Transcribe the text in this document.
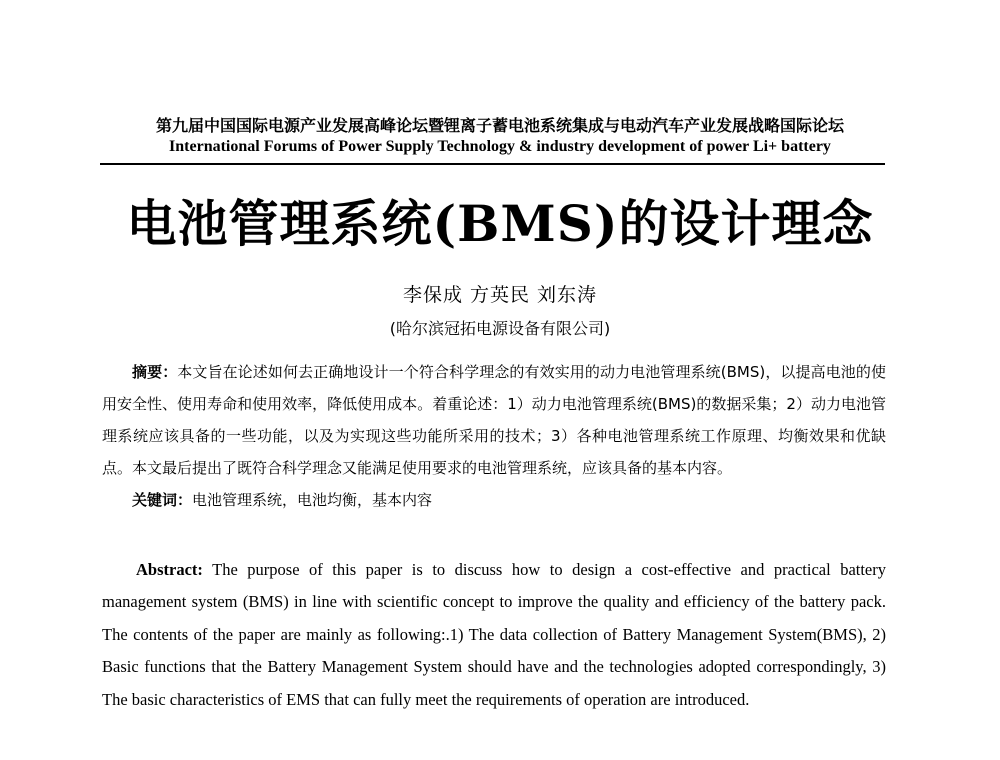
第九届中国国际电源产业发展高峰论坛暨锂离子蓄电池系统集成与电动汽车产业发展战略国际论坛
International Forums of Power Supply Technology & industry development of power Li+ battery
电池管理系统(BMS)的设计理念
李保成 方英民 刘东涛
(哈尔滨冠拓电源设备有限公司)

摘要：本文旨在论述如何去正确地设计一个符合科学理念的有效实用的动力电池管理系统(BMS)，以提高电池的使用安全性、使用寿命和使用效率，降低使用成本。着重论述：1）动力电池管理系统(BMS)的数据采集；2）动力电池管理系统应该具备的一些功能，以及为实现这些功能所采用的技术；3）各种电池管理系统工作原理、均衡效果和优缺点。本文最后提出了既符合科学理念又能满足使用要求的电池管理系统，应该具备的基本内容。

关键词：电池管理系统，电池均衡，基本内容

Abstract: The purpose of this paper is to discuss how to design a cost-effective and practical battery management system (BMS) in line with scientific concept to improve the quality and efficiency of the battery pack. The contents of the paper are mainly as following:.1) The data collection of Battery Management System(BMS), 2) Basic functions that the Battery Management System should have and the technologies adopted correspondingly, 3) The basic characteristics of EMS that can fully meet the requirements of operation are introduced.
